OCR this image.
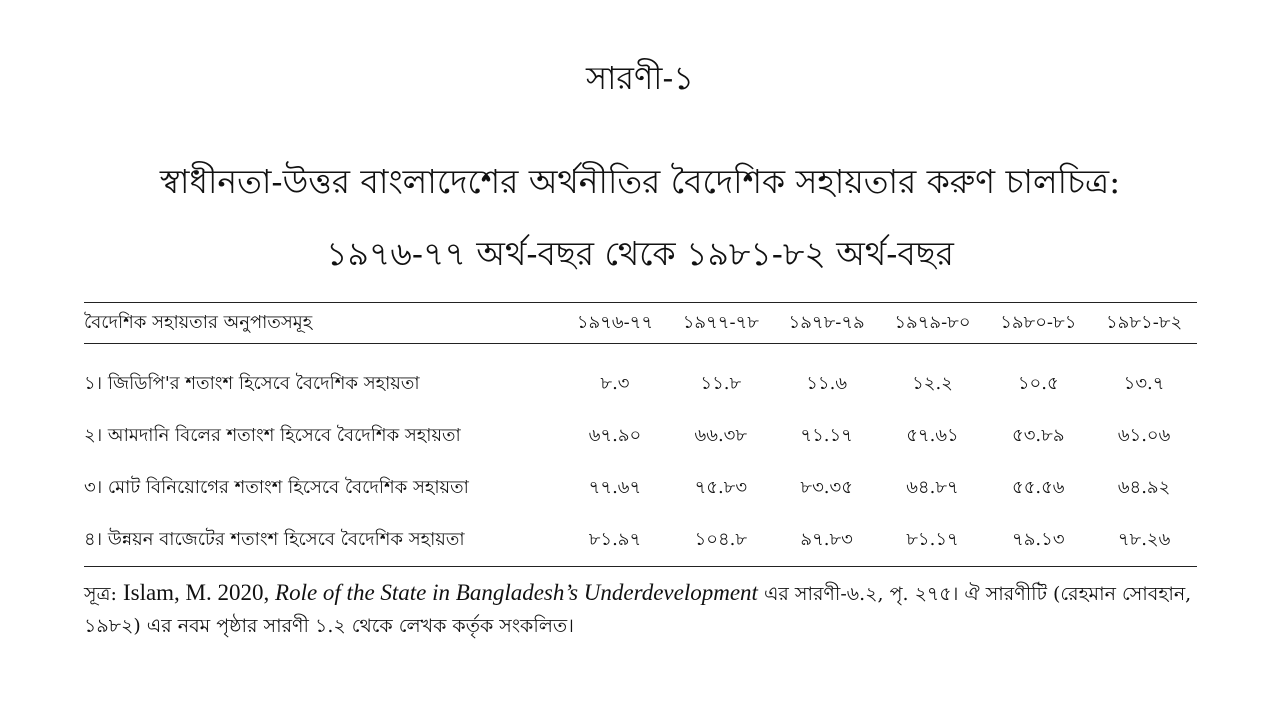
সারণী-১
স্বাধীনতা-উত্তর বাংলাদেশের অর্থনীতির বৈদেশিক সহায়তার করুণ চালচিত্র:
১৯৭৬-৭৭ অর্থ-বছর থেকে ১৯৮১-৮২ অর্থ-বছর
বৈদেশিক সহায়তার অনুপাতসমূহ	১৯৭৬-৭৭	১৯৭৭-৭৮	১৯৭৮-৭৯	১৯৭৯-৮০	১৯৮০-৮১	১৯৮১-৮২
১। জিডিপি'র শতাংশ হিসেবে বৈদেশিক সহায়তা	৮.৩	১১.৮	১১.৬	১২.২	১০.৫	১৩.৭
২। আমদানি বিলের শতাংশ হিসেবে বৈদেশিক সহায়তা	৬৭.৯০	৬৬.৩৮	৭১.১৭	৫৭.৬১	৫৩.৮৯	৬১.০৬
৩। মোট বিনিয়োগের শতাংশ হিসেবে বৈদেশিক সহায়তা	৭৭.৬৭	৭৫.৮৩	৮৩.৩৫	৬৪.৮৭	৫৫.৫৬	৬৪.৯২
৪। উন্নয়ন বাজেটের শতাংশ হিসেবে বৈদেশিক সহায়তা	৮১.৯৭	১০৪.৮	৯৭.৮৩	৮১.১৭	৭৯.১৩	৭৮.২৬
সূত্র: Islam, M. 2020, Role of the State in Bangladesh’s Underdevelopment এর সারণী-৬.২, পৃ. ২৭৫। ঐ সারণীটি (রেহমান সোবহান, ১৯৮২) এর নবম পৃষ্ঠার সারণী ১.২ থেকে লেখক কর্তৃক সংকলিত।
